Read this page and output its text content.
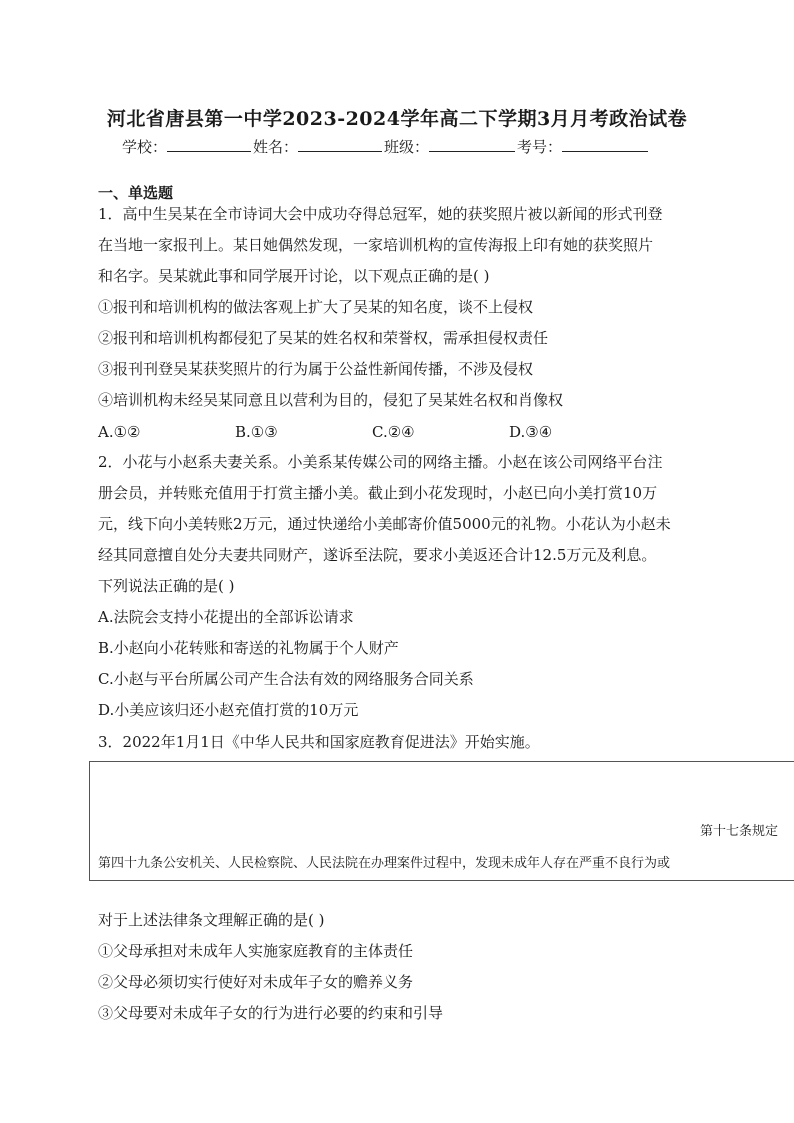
河北省唐县第一中学2023-2024学年高二下学期3月月考政治试卷
学校：	姓名：	班级：	考号：
一、单选题
1．高中生吴某在全市诗词大会中成功夺得总冠军，她的获奖照片被以新闻的形式刊登
在当地一家报刊上。某日她偶然发现，一家培训机构的宣传海报上印有她的获奖照片
和名字。吴某就此事和同学展开讨论，以下观点正确的是( )
①报刊和培训机构的做法客观上扩大了吴某的知名度，谈不上侵权
②报刊和培训机构都侵犯了吴某的姓名权和荣誉权，需承担侵权责任
③报刊刊登吴某获奖照片的行为属于公益性新闻传播，不涉及侵权
④培训机构未经吴某同意且以营利为目的，侵犯了吴某姓名权和肖像权
A.①②	B.①③	C.②④	D.③④
2．小花与小赵系夫妻关系。小美系某传媒公司的网络主播。小赵在该公司网络平台注
册会员，并转账充值用于打赏主播小美。截止到小花发现时，小赵已向小美打赏10万
元，线下向小美转账2万元，通过快递给小美邮寄价值5000元的礼物。小花认为小赵未
经其同意擅自处分夫妻共同财产，遂诉至法院，要求小美返还合计12.5万元及利息。
下列说法正确的是( )
A.法院会支持小花提出的全部诉讼请求
B.小赵向小花转账和寄送的礼物属于个人财产
C.小赵与平台所属公司产生合法有效的网络服务合同关系
D.小美应该归还小赵充值打赏的10万元
3．2022年1月1日《中华人民共和国家庭教育促进法》开始实施。
第十七条规定
第四十九条公安机关、人民检察院、人民法院在办理案件过程中，发现未成年人存在严重不良行为或
对于上述法律条文理解正确的是( )
①父母承担对未成年人实施家庭教育的主体责任
②父母必须切实行使好对未成年子女的赡养义务
③父母要对未成年子女的行为进行必要的约束和引导
